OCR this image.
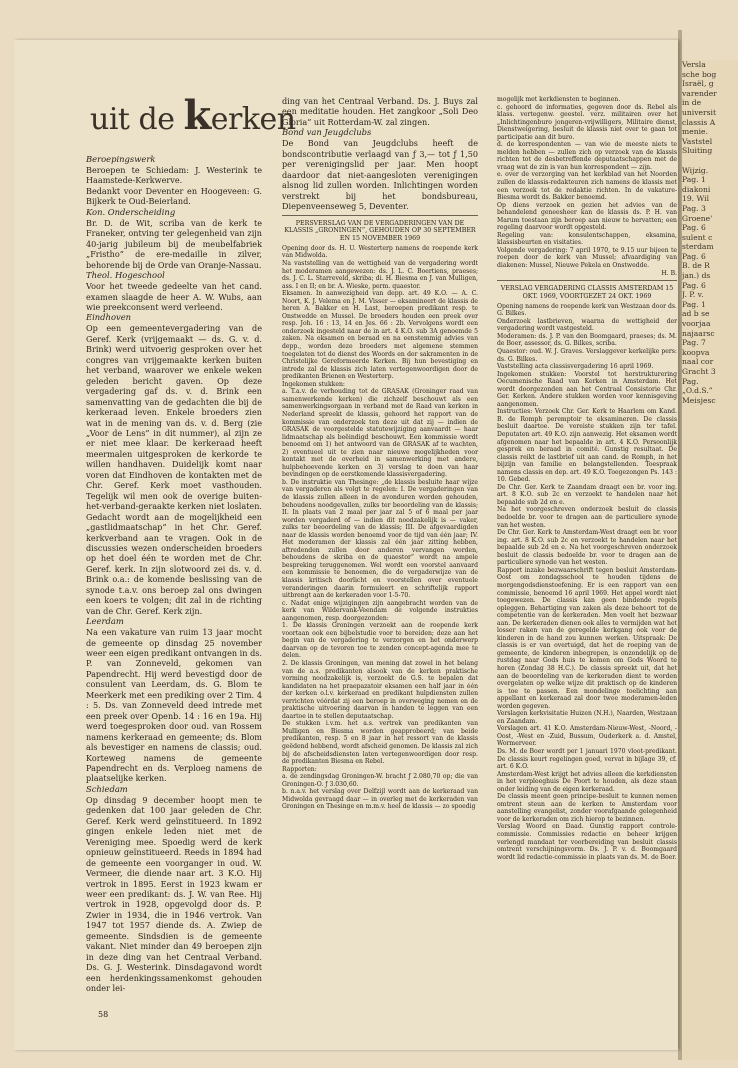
uit de kerken

Beroepingswerk

Beroepen te Schiedam: J. Westerink te Haamstede-Kerkwerve.

Bedankt voor Deventer en Hoogeveen: G. Bijkerk te Oud-Beierland.

Kon. Onderscheiding

Br. D. de Wit, scriba van de kerk te Franeker, ontving ter gelegenheid van zijn 40-jarig jubileum bij de meubelfabriek „Fristho” de ere-medaille in zilver, behorende bij de Orde van Oranje-Nassau.

Theol. Hogeschool

Voor het tweede gedeelte van het cand. examen slaagde de heer A. W. Wubs, aan wie preekconsent werd verleend.

Eindhoven

Op een gemeentevergadering van de Geref. Kerk (vrijgemaakt — ds. G. v. d. Brink) werd uitvoerig gesproken over het congres van vrijgemaakte kerken buiten het verband, waarover we enkele weken geleden bericht gaven. Op deze vergadering gaf ds. v. d. Brink een samenvatting van de gedachten die bij de kerkeraad leven. Enkele broeders zien wat in de mening van ds. v. d. Berg (zie „Voor de Lens” in dit nummer), al zijn ze er niet mee klaar. De kerkeraad heeft meermalen uitgesproken de kerkorde te willen handhaven. Duidelijk komt naar voren dat Eindhoven de kontakten met de Chr. Geref. Kerk moet vasthouden. Tegelijk wil men ook de overige buiten-het-verband-geraakte kerken niet loslaten. Gedacht wordt aan de mogelijkheid een „gastlidmaatschap” in het Chr. Geref. kerkverband aan te vragen. Ook in de discussies wezen onderscheiden broeders op het doel één te worden met de Chr. Geref. kerk. In zijn slotwoord zei ds. v. d. Brink o.a.: de komende beslissing van de synode t.a.v. ons beroep zal ons dwingen een koers te volgen; dit zal in de richting van de Chr. Geref. Kerk zijn.

Leerdam

Na een vakature van ruim 13 jaar mocht de gemeente op dinsdag 25 november weer een eigen predikant ontvangen in ds. P. van Zonneveld, gekomen van Papendrecht. Hij werd bevestigd door de consulent van Leerdam, ds. G. Blom te Meerkerk met een prediking over 2 Tim. 4 : 5. Ds. van Zonneveld deed intrede met een preek over Openb. 14 : 16 en 19a. Hij werd toegesproken door oud. van Rossem namens kerkeraad en gemeente; ds. Blom als bevestiger en namens de classis; oud. Korteweg namens de gemeente Papendrecht en ds. Verploeg namens de plaatselijke kerken.

Schiedam

Op dinsdag 9 december hoopt men te gedenken dat 100 jaar geleden de Chr. Geref. Kerk werd geïnstitueerd. In 1892 gingen enkele leden niet met de Vereniging mee. Spoedig werd de kerk opnieuw geïnstitueerd. Reeds in 1894 had de gemeente een voorganger in oud. W. Vermeer, die diende naar art. 3 K.O. Hij vertrok in 1895. Eerst in 1923 kwam er weer een predikant: ds. J. W. van Ree. Hij vertrok in 1928, opgevolgd door ds. P. Zwier in 1934, die in 1946 vertrok. Van 1947 tot 1957 diende ds. A. Zwiep de gemeente. Sindsdien is de gemeente vakant. Niet minder dan 49 beroepen zijn in deze ding van het Centraal Verband. Ds. G. J. Westerink. Dinsdagavond wordt een herdenkingssamenkomst gehouden onder lei-

ding van het Centraal Verband. Ds. J. Buys zal een meditatie houden. Het zangkoor „Soli Deo Gloria” uit Rotterdam-W. zal zingen.

Bond van Jeugdclubs

De Bond van Jeugdclubs heeft de bondscontributie verlaagd van ƒ 3,— tot ƒ 1,50 per verenigingslid per jaar. Men hoopt daardoor dat niet-aangesloten verenigingen alsnog lid zullen worden. Inlichtingen worden verstrekt bij het bondsbureau, Diepenveenseweg 5, Deventer.

PERSVERSLAG VAN DE VERGADERINGEN VAN DE KLASSIS „GRONINGEN”, GEHOUDEN OP 30 SEPTEMBER EN 15 NOVEMBER 1969

Opening door ds. H. U. Westerterp namens de roepende kerk van Midwolda.

Na vaststelling van de wettigheid van de vergadering wordt het moderamen aangewezen: ds. J. L. C. Boertiens, praeses; ds. J. C. L. Starreveld, skriba; di. H. Biesma en J. van Mulligen, ass. I en II; en br. A. Wieske, perm. quaestor.

Eksamen. In aanwezigheid van depp. art. 49 K.O. — A. C. Noort, K. J. Velema en J. M. Visser — eksamineert de klassis de heren A. Bakker en H. Last, beroepen predikant resp. te Onstwedde en Mussel. De broeders houden een preek over resp. Joh. 16 : 13, 14 en Jes. 66 : 2b. Vervolgens wordt een onderzoek ingesteld naar de in art. 4 K.O. sub 3A genoemde 5 zaken. Na eksamen en beraad en na eenstemmig advies van depp., worden deze broeders met algemene stemmen toegelaten tot de dienst des Woords en der sakramenten in de Christelijke Gereformeerde Kerken. Bij hun bevestiging en intrede zal de klassis zich laten vertegenwoordigen door de predikanten Brienen en Westerterp.

Ingekomen stukken:

a. T.a.v. de verhouding tot de GRASAK (Groninger raad van samenwerkende kerken) die zichzelf beschouwt als een samenwerkingsorgaan in verband met de Raad van kerken in Nederland spreekt de klassis, gehoord het rapport van de kommissie van onderzoek ten deze uit dat zij — indien de GRASAK de voorgestelde statutewijziging aanvaardt — haar lidmaatschap als beëindigd beschouwt. Een kommissie wordt benoemd om 1) het antwoord van de GRASAK af te wachten, 2) eventueel uit te zien naar nieuwe mogelijkheden voor kontakt met de overheid in samenwerking met andere, hulpbehoevende kerken en 3) verslag te doen van haar bevindingen op de eerstkomende klassisvergadering.

b. De instruktie van Thesinge: „de klassis besluite haar wijze van vergaderen als volgt te regelen: I. De vergaderingen van de klassis zullen alleen in de avonduren worden gehouden, behoudens noodgevallen, zulks ter beoordeling van de klassis; II. In plaats van 2 maal per jaar zal 5 of 6 maal per jaar worden vergaderd of — indien dit noodzakelijk is — vaker, zulks ter beoordeling van de klassis; III. De afgevaardigden naar de klassis worden benoemd voor de tijd van één jaar; IV. Het moderamen der klassis zal één jaar zitting hebben, aftredenden zullen door anderen vervangen worden, behoudens de skriba en de quaestor” wordt na ampele bespreking teruggenomen. Wel wordt een voorstel aanvaard een kommissie te benoemen, die de vergaderwijze van de klassis kritisch doorlicht en voorstellen over eventuele veranderingen daarin formuleert en schriftelijk rapport uitbrengt aan de kerkeraden voor 1-5-70.

c. Nadat enige wijzigingen zijn aangebracht worden van de kerk van Wildervank-Veendam de volgende instrukties aangenomen, resp. doorgezonden:

1. De klassis Groningen verzoekt aan de roepende kerk voortaan ook een bijbelstudie voor te bereiden; deze aan het begin van de vergadering te verzorgen en het onderwerp daarvan op de tevoren toe te zenden concept-agenda mee te delen.

2. De klassis Groningen, van mening dat zowel in het belang van de a.s. predikanten alsook van de kerken praktische vorming noodzakelijk is, verzoekt de G.S. te bepalen dat kandidaten na het praepazatoir eksamen een half jaar in één der kerken o.l.v. kerkeraad en predikant hulpdiensten zullen verrichten vóórdat zij een beroep in overweging nemen en de praktische uitvoering daarvan in handen te leggen van een daartoe in te stellen deputaatschap.

De stukken i.v.m. het a.s. vertrek van predikanten van Mulligen en Biesma worden geapprobeerd; van beide predikanten, resp. 5 en 8 jaar in het ressort van de klassis geëdend hebbend, wordt afscheid genomen. De klassis zal zich bij de afscheidsdiensten laten vertegenwoordigen door resp. de predikanten Biesma en Rebel.

Rapporten:

a. de zendingsdag Groningen-W. bracht ƒ 2.080,70 op; die van Groningen-O. ƒ 3.030,60.

b. n.a.v. het verslag over Delfzijl wordt aan de kerkeraad van Midwolda gevraagd daar — in overleg met de kerkeraden van Groningen en Thesinge en m.m.v. heel de klassis — zo spoedig

mogelijk met kerkdiensten te beginnen.

c. gehoord de informaties, gegeven door ds. Rebel als klass. vertegenw. geestel. verz. militairen over het „Inlichtingenburo jongeren-vrijwilligers, Militaire dienst, Dienstweigering, besluit de klassis niet over te gaan tot participatie aan dit buro.

d. de korrespondenten — van wie de meeste niets te melden hebben — zullen zich op verzoek van de klassis richten tot de desbetreffende deputaatschappen met de vraag wat de zin is van hun korrespondent — zijn.

e. over de verzorging van het kerkblad van het Noorden zullen de klassis-redakteuren zich namens de klassis met een verzoek tot de redaktie richten. In de vakature-Biesma wordt ds. Bakker benoemd.

Op diens verzoek en gezien het advies van de behandelend geneesheer kan de klassis ds. P. H. van Marum toestaan zijn beroep aan nieuw te hervatten; een regeling daarvoor wordt opgesteld.

Regeling van: konsulentschappen, eksamina, klassisbeurten en visitaties.

Volgende vergadering: 7 april 1970, te 9.15 uur bijeen te roepen door de kerk van Mussel; afvaardiging van diakenen: Mussel, Nieuwe Pekela en Onstwedde.

H. B.

VERSLAG VERGADERING CLASSIS AMSTERDAM 15 OKT. 1969, VOORTGEZET 24 OKT. 1969

Opening namens de roepende kerk van Westzaan door ds. G. Bilkes.

Onderzoek lastbrieven, waarna de wettigheid der vergadering wordt vastgesteld.

Moderamen: ds. J. P. van den Boomgaard, praeses; ds. M. de Boer, assessor, ds. G. Bilkes, scriba.

Quaestor: oud. W. J. Graves. Verslaggever kerkelijke pers: ds. G. Bilkes.

Vaststelling acta classisvergadering 16 april 1969.

Ingekomen stukken: Voorstel tot herstrukturering Oecumenische Raad van Kerken in Amsterdam. Het wordt doorgezonden aan het Centraal Consistorie Chr. Ger. Kerken. Andere stukken worden voor kennisgeving aangenomen.

Instructies: Verzoek Chr. Ger. Kerk te Haarlem om Kand. B. de Romph peremptoir te eksamineren. De classis besluit daartoe. De vereiste stukken zijn ter tafel. Deputaten art. 49 K.O. zijn aanwezig. Het eksamen wordt afgenomen naar het bepaalde in art. 4 K.O. Persoonlijk gesprek en beraad in comité. Gunstig resultaat. De classis reikt de lastbrief uit aan cand. de Romph, in het bijzijn van familie en belangstellenden. Toespraak namens classis en dep. art. 49 K.O. Toegezongen Ps. 143 : 10. Gebed.

De Chr. Ger. Kerk te Zaandam draagt een br. voor ing. art. 8 K.O. sub 2c en verzoekt te handelen naar het bepaalde sub 2d en e.

Na het voorgeschreven onderzoek besluit de classis bedoelde br. voor te dragen aan de particuliere synode van het westen.

De Chr. Ger. Kerk te Amsterdam-West draagt een br. voor ing. art. 8 K.O. sub 2c en verzoekt te handelen naar het bepaalde sub 2d en e. Na het voorgeschreven onderzoek besluit de classis bedoelde br. voor te dragen aan de particuliere synode van het westen.

Rapport inzake bezwaarschrift tegen besluit Amsterdam-Oost om zondagsschool te houden tijdens de morgengodsdienstoefening. Er is een rapport van een commissie, benoemd 16 april 1969. Het appel wordt niet toegewezen. De classis kan geen bindende regels opleggen. Behartiging van zaken als deze behoort tot de competentie van de kerkeraden. Men voelt het bezwaar aan. De kerkeraden dienen ook alles te vermijden wat het losser raken van de geregelde kerkgang ook voor de kinderen in de hand zou kunnen werken. Uitspraak: De classis is er van overtuigd, dat het de roeping van de gemeente, de kinderen inbegrepen, is onzondelijk op de rustdag naar Gods huis te komen om Gods Woord te horen (Zondag 38 H.C.). De classis spreekt uit, dat het aan de beoordeling van de kerkeraden dient te worden overgelaten op welke wijze dit praktisch op de kinderen is toe te passen. Een mondelinge toelichting aan appellant en kerkeraad zal door twee moderamen-leden worden gegeven.

Verslagen kerkvisitatie Huizen (N.H.), Naarden, Westzaan en Zaandam.

Verslagen art. 41 K.O. Amsterdam-Nieuw-West, -Noord, -Oost, -West en -Zuid, Bussum, Ouderkerk a. d. Amstel, Wormerveer.

Ds. M. de Boer wordt per 1 januari 1970 vloot-predikant. De classis keurt regelingen goed, vervat in bijlage 39, cf. art. 6 K.O.

Amsterdam-West krijgt het advies alleen die kerkdiensten in het verpleeghuis De Poort te houden, als deze staan onder leiding van de eigen kerkeraad.

De classis meent geen principe-besluit te kunnen nemen omtrent steun aan de kerken te Amsterdam voor aanstelling evangelist, zonder voorafgaande gelegenheid voor de kerkeraden om zich hierop te bezinnen.

Verslag Woord en Daad. Gunstig rapport controle-commissie. Commissies redactie en beheer krijgen verlengd mandaat ter voorbereiding van besluit classis omtrent verschijningsvorm. Ds. J. P. v. d. Boomgaard wordt lid redactie-commissie in plaats van ds. M. de Boer.

58
Versla
sche bog
Israël, g
varender
in de
universit
classis A
menie.
Vaststel
Sluiting

Wijzig.
Pag. 1
diakoni
19. Wil
Pag. 3
Groene'
Pag. 6
sulent c
sterdam
Pag. 6
B. de R
jan.) ds
Pag. 6
J. P. v.
Pag. 1
ad b se
voorjaa
najaarsc
Pag. 7
koopva
naal cor
Gracht 3
Pag.
„O.d.S.”
Meisjesc
